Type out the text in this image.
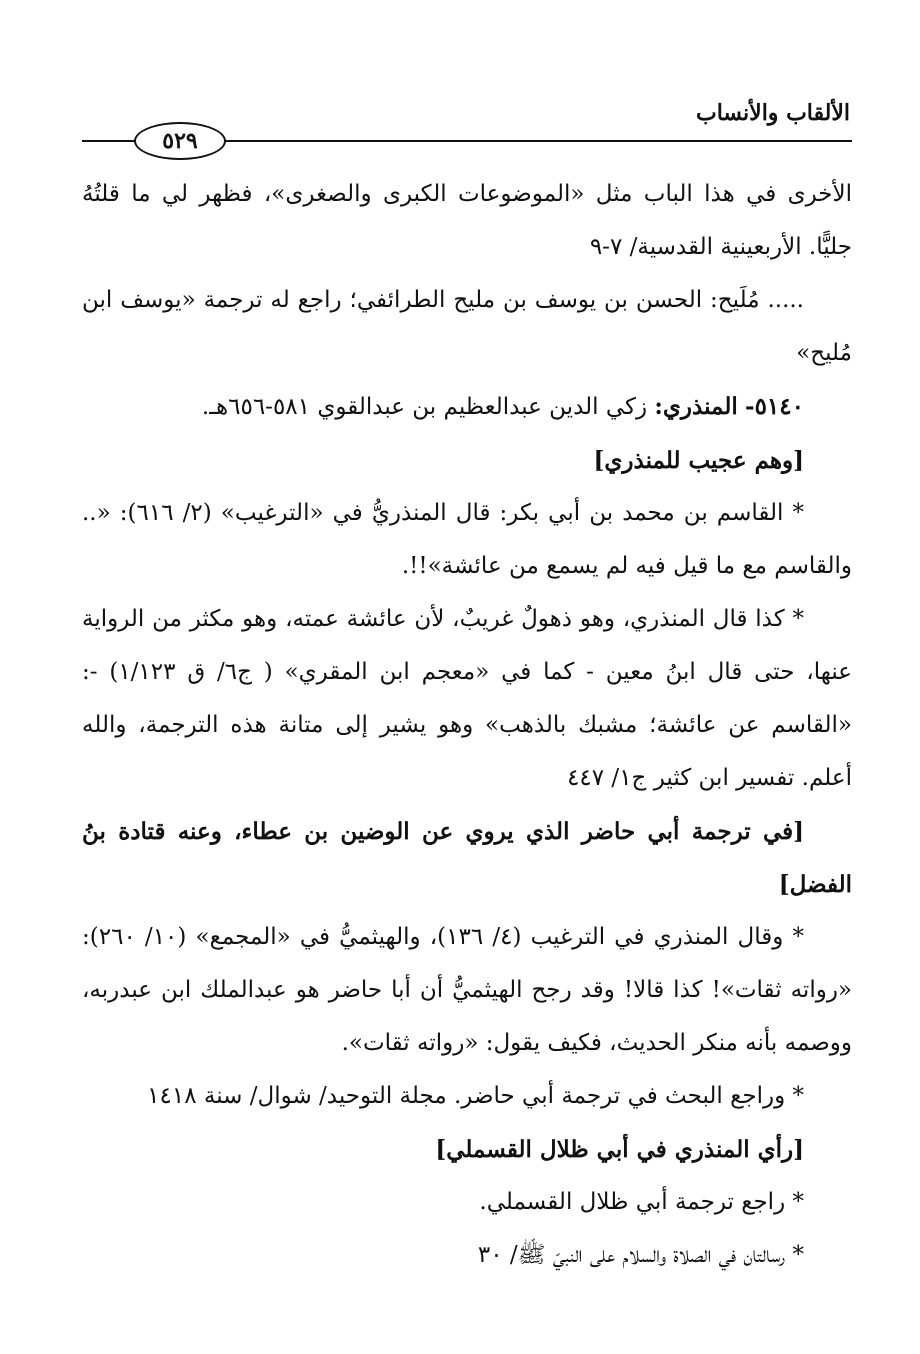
الألقاب والأنساب
٥٢٩

الأخرى في هذا الباب مثل «الموضوعات الكبرى والصغرى»، فظهر لي ما قلتُهُ جليًّا. الأربعينية القدسية/ ٧-٩

..... مُلَيح: الحسن بن يوسف بن مليح الطرائفي؛ راجع له ترجمة «يوسف ابن مُليح»

٥١٤٠- المنذري: زكي الدين عبدالعظيم بن عبدالقوي ٥٨١-٦٥٦هـ.

[وهم عجيب للمنذري]

* القاسم بن محمد بن أبي بكر: قال المنذريُّ في «الترغيب» (٢/ ٦١٦): «.. والقاسم مع ما قيل فيه لم يسمع من عائشة»!!.

* كذا قال المنذري، وهو ذهولٌ غريبٌ، لأن عائشة عمته، وهو مكثر من الرواية عنها، حتى قال ابنُ معين - كما في «معجم ابن المقري» ( ج٦/ ق ١/١٢٣) -: «القاسم عن عائشة؛ مشبك بالذهب» وهو يشير إلى متانة هذه الترجمة، والله أعلم. تفسير ابن كثير ج١/ ٤٤٧

[في ترجمة أبي حاضر الذي يروي عن الوضين بن عطاء، وعنه قتادة بنُ الفضل]

* وقال المنذري في الترغيب (٤/ ١٣٦)، والهيثميُّ في «المجمع» (١٠/ ٢٦٠): «رواته ثقات»! كذا قالا! وقد رجح الهيثميُّ أن أبا حاضر هو عبدالملك ابن عبدربه، ووصمه بأنه منكر الحديث، فكيف يقول: «رواته ثقات».

* وراجع البحث في ترجمة أبي حاضر. مجلة التوحيد/ شوال/ سنة ١٤١٨

[رأي المنذري في أبي ظلال القسملي]

* راجع ترجمة أبي ظلال القسملي.

* رسالتان في الصلاة والسلام على النبيّ ﷺ/ ٣٠
